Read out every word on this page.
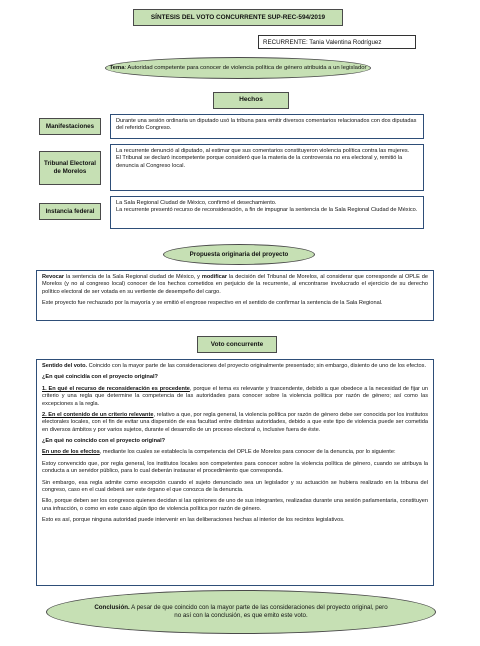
SÍNTESIS DEL VOTO CONCURRENTE SUP-REC-594/2019
RECURRENTE: Tania Valentina Rodríguez
Tema: Autoridad competente para conocer de violencia política de género atribuida a un legislador
Hechos
Manifestaciones

Durante una sesión ordinaria un diputado usó la tribuna para emitir diversos comentarios relacionados con dos diputadas del referido Congreso.

Tribunal Electoral de Morelos

La recurrente denunció al diputado, al estimar que sus comentarios constituyeron violencia política contra las mujeres.

El Tribunal se declaró incompetente porque consideró que la materia de la controversia no era electoral y, remitió la denuncia al Congreso local.

Instancia federal

La Sala Regional Ciudad de México, confirmó el desechamiento.

La recurrente presentó recurso de reconsideración, a fin de impugnar la sentencia de la Sala Regional Ciudad de México.

Propuesta originaria del proyecto

Revocar la sentencia de la Sala Regional ciudad de México, y modificar la decisión del Tribunal de Morelos, al considerar que corresponde al OPLE de Morelos (y no al congreso local) conocer de los hechos cometidos en perjuicio de la recurrente, al encontrarse involucrado el ejercicio de su derecho político electoral de ser votada en su vertiente de desempeño del cargo.

Este proyecto fue rechazado por la mayoría y se emitió el engrose respectivo en el sentido de confirmar la sentencia de la Sala Regional.

Voto concurrente

Sentido del voto. Coincido con la mayor parte de las consideraciones del proyecto originalmente presentado; sin embargo, disiento de uno de los efectos.

¿En qué coincidía con el proyecto original?

1. En qué el recurso de reconsideración es procedente, porque el tema es relevante y trascendente, debido a que obedece a la necesidad de fijar un criterio y una regla que determine la competencia de las autoridades para conocer sobre la violencia política por razón de género; así como las excepciones a la regla.

2. En el contenido de un criterio relevante, relativo a que, por regla general, la violencia política por razón de género debe ser conocida por los institutos electorales locales, con el fin de evitar una dispersión de esa facultad entre distintas autoridades, debido a que este tipo de violencia puede ser cometida en diversos ámbitos y por varios sujetos, durante el desarrollo de un proceso electoral o, inclusive fuera de éste.

¿En qué no coincido con el proyecto original?

En uno de los efectos, mediante los cuales se establecía la competencia del OPLE de Morelos para conocer de la denuncia, por lo siguiente:

Estoy convencido que, por regla general, los institutos locales son competentes para conocer sobre la violencia política de género, cuando se atribuya la conducta a un servidor público, para lo cual deberán instaurar el procedimiento que corresponda.

Sin embargo, esa regla admite como excepción cuando el sujeto denunciado sea un legislador y su actuación se hubiera realizado en la tribuna del congreso, caso en el cual deberá ser este órgano el que conozca de la denuncia.

Ello, porque deben ser los congresos quienes decidan si las opiniones de uno de sus integrantes, realizadas durante una sesión parlamentaria, constituyen una infracción, o como en este caso algún tipo de violencia política por razón de género.

Esto es así, porque ninguna autoridad puede intervenir en las deliberaciones hechas al interior de los recintos legislativos.

Conclusión. A pesar de que coincido con la mayor parte de las consideraciones del proyecto original, pero no así con la conclusión, es que emito este voto.
